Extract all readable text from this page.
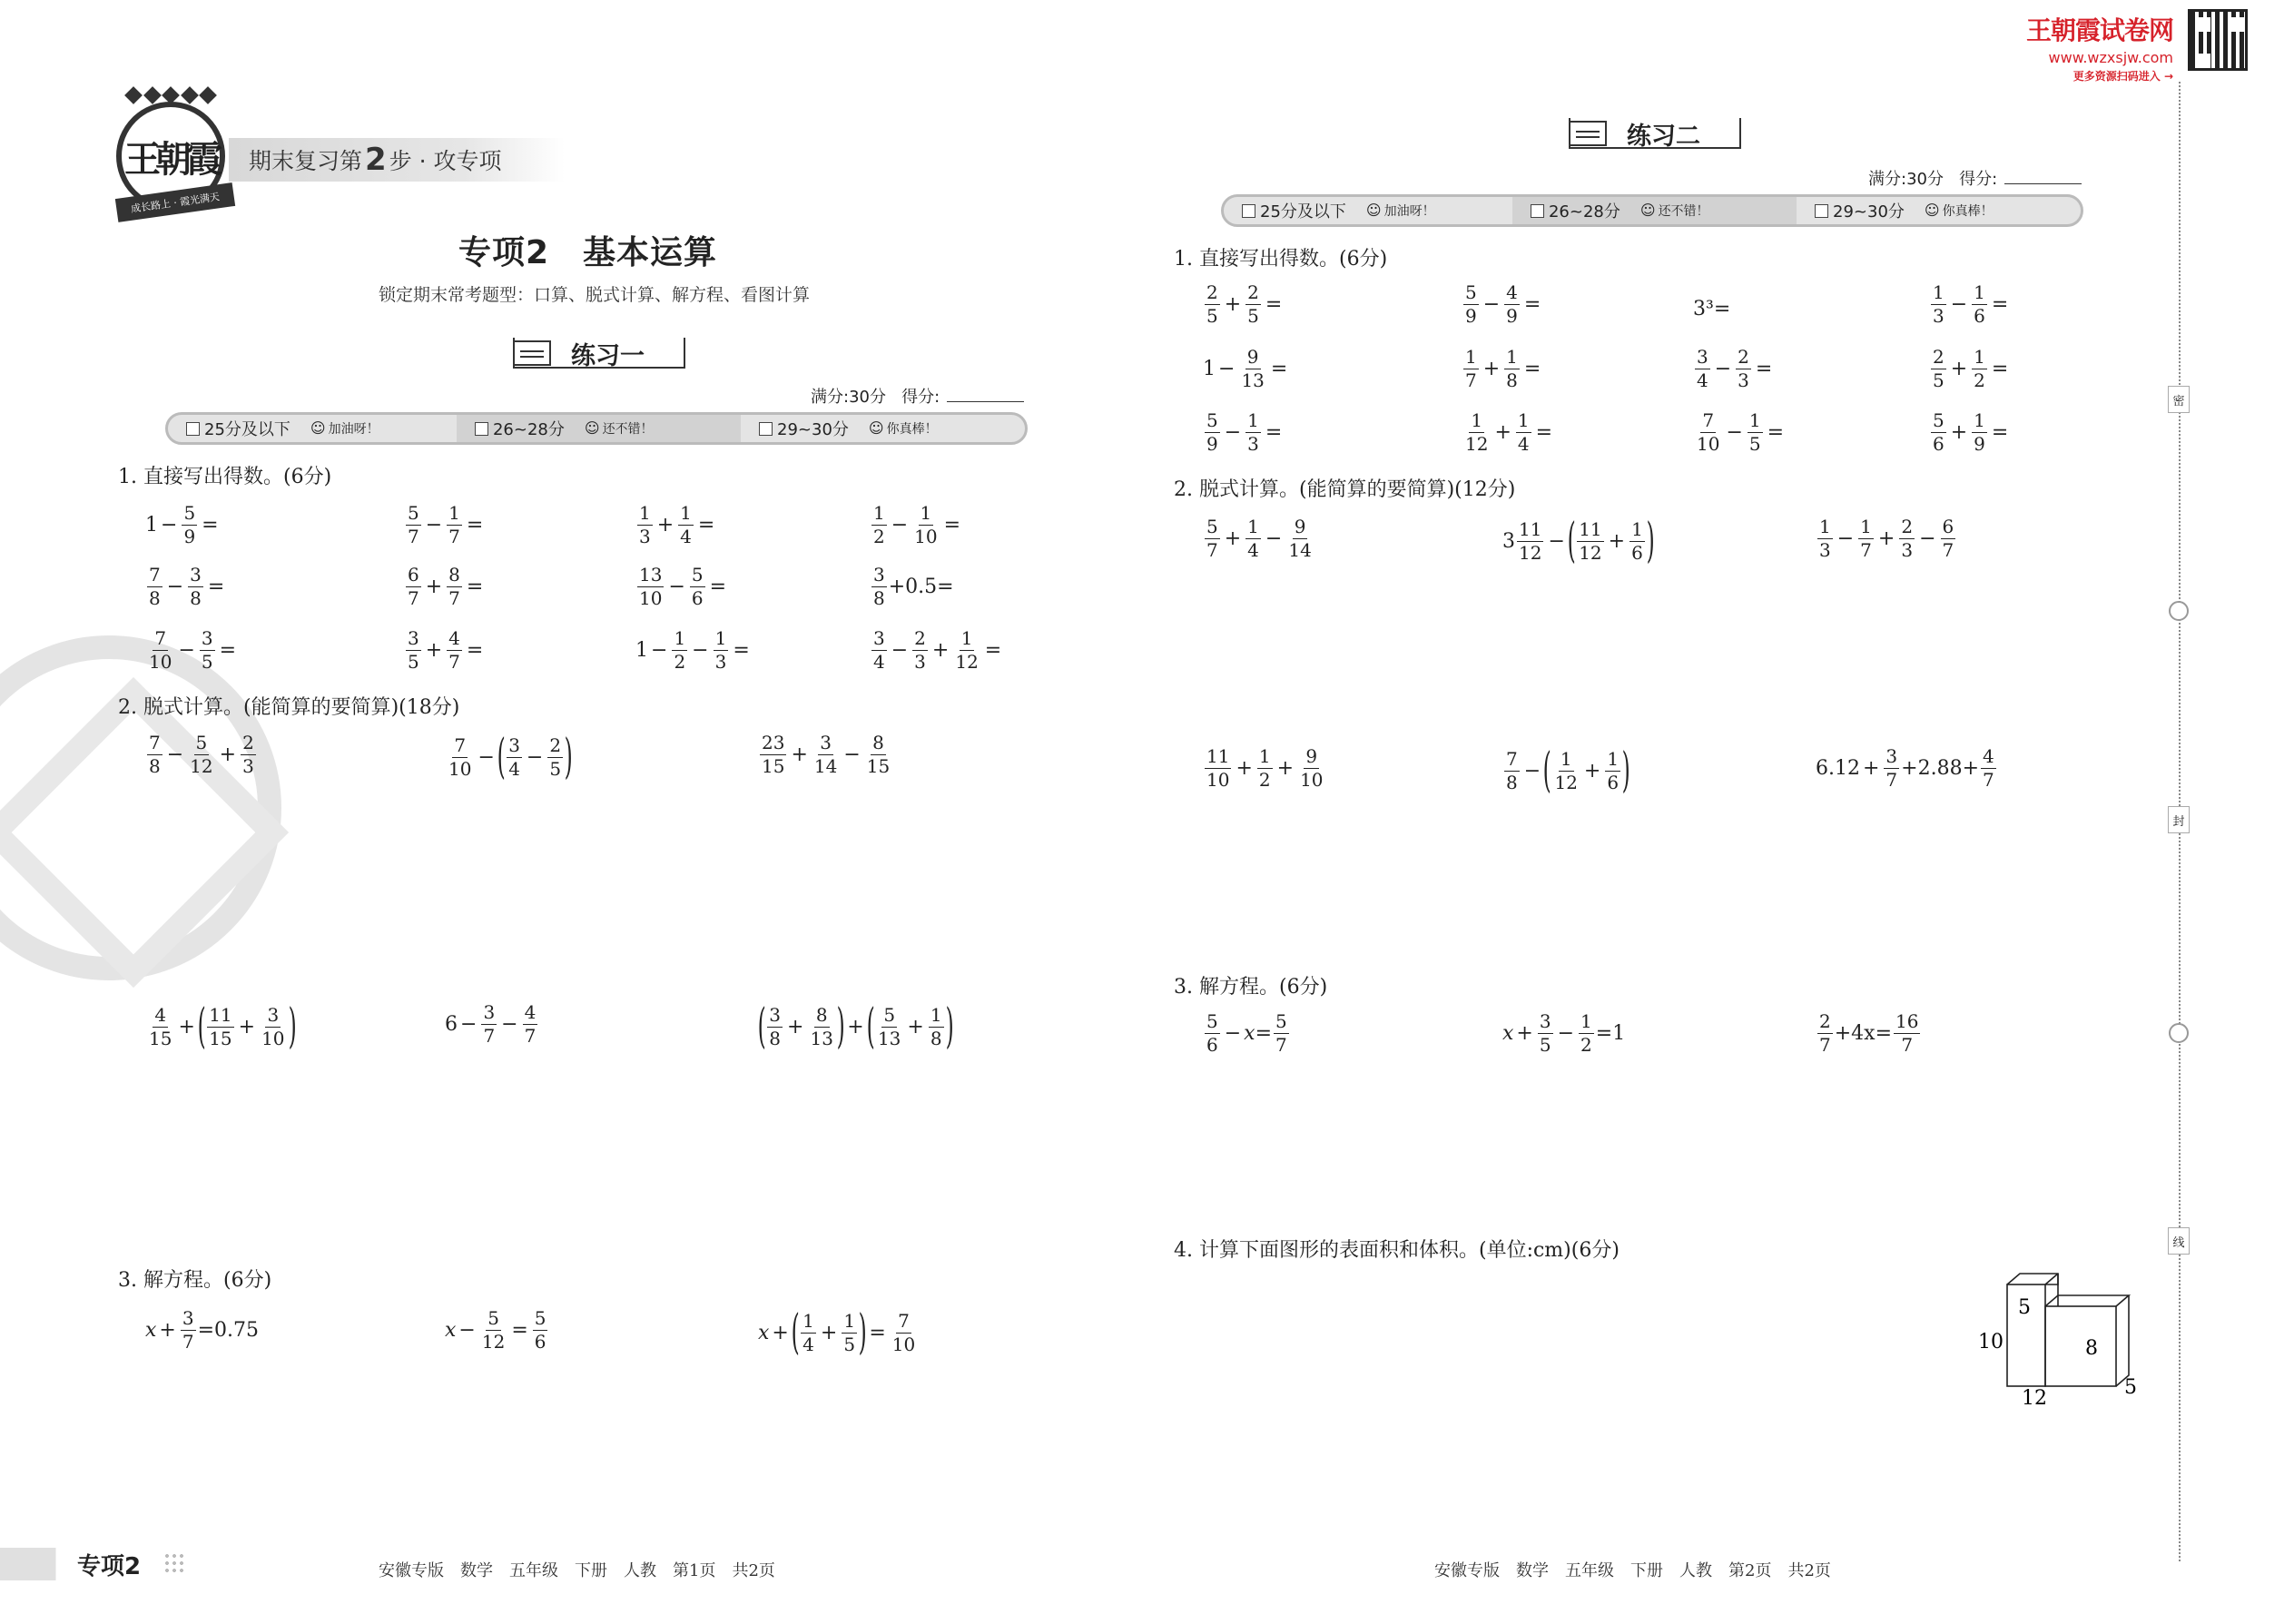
王朝霞
成长路上 · 霞光满天
期末复习第 2 步 · 攻专项
专项2　基本运算
锁定期末常考题型：口算、脱式计算、解方程、看图计算
练习一
满分:30分 得分:
25分及以下	☺ 加油呀！	26~28分	☺ 还不错！	29~30分	☺ 你真棒！
1. 直接写出得数。(6分)
$1 - \frac{5}{9}$ =	$\frac{5}{7} - \frac{1}{7}$ =	$\frac{1}{3} + \frac{1}{4}$ =	$\frac{1}{2} - \frac{1}{10}$ =
$\frac{7}{8} - \frac{3}{8}$ =	$\frac{6}{7} + \frac{8}{7}$ =	$\frac{13}{10} - \frac{5}{6}$ =	$\frac{3}{8} +0.5=$
$\frac{7}{10} - \frac{3}{5}$ =	$\frac{3}{5} + \frac{4}{7}$ =	$1 - \frac{1}{2} - \frac{1}{3}$ =	$\frac{3}{4} - \frac{2}{3} + \frac{1}{12}$ =
2. 脱式计算。(能简算的要简算)(18分)
$\frac{7}{8} - \frac{5}{12} + \frac{2}{3}$	$\frac{7}{10}$ − ( $\frac{3}{4} - \frac{2}{5}$ )	$\frac{23}{15} + \frac{3}{14} - \frac{8}{15}$
$\frac{4}{15}$ + ( $\frac{11}{15} + \frac{3}{10}$ )	$6 - \frac{3}{7} - \frac{4}{7}$	( $\frac{3}{8} + \frac{8}{13}$ ) + ( $\frac{5}{13} + \frac{1}{8}$ )
3. 解方程。(6分)
$x + \frac{3}{7} =0.75$	$x - \frac{5}{12} = \frac{5}{6}$	x + ( $\frac{1}{4} + \frac{1}{5}$ ) = $\frac{7}{10}$
专项2	安徽专版　数学　五年级　下册　人教　第1页　共2页
王朝霞试卷网
www.wzxsjw.com
更多资源扫码进入 →
练习二
满分:30分 得分:
25分及以下	☺ 加油呀！	26~28分	☺ 还不错！	29~30分	☺ 你真棒！
1. 直接写出得数。(6分)
$\frac{2}{5} + \frac{2}{5}$ =	$\frac{5}{9} - \frac{4}{9}$ =	3³=	$\frac{1}{3} - \frac{1}{6}$ =
$1 - \frac{9}{13}$ =	$\frac{1}{7} + \frac{1}{8}$ =	$\frac{3}{4} - \frac{2}{3}$ =	$\frac{2}{5} + \frac{1}{2}$ =
$\frac{5}{9} - \frac{1}{3}$ =	$\frac{1}{12} + \frac{1}{4}$ =	$\frac{7}{10} - \frac{1}{5}$ =	$\frac{5}{6} + \frac{1}{9}$ =
2. 脱式计算。(能简算的要简算)(12分)
$\frac{5}{7} + \frac{1}{4} - \frac{9}{14}$	$3 \frac{11}{12}$ − ( $\frac{11}{12} + \frac{1}{6}$ )	$\frac{1}{3} - \frac{1}{7} + \frac{2}{3} - \frac{6}{7}$
$\frac{11}{10} + \frac{1}{2} + \frac{9}{10}$	$\frac{7}{8}$ − ( $\frac{1}{12} + \frac{1}{6}$ )	$6.12 + \frac{3}{7} +2.88+ \frac{4}{7}$
3. 解方程。(6分)
$\frac{5}{6} - x= \frac{5}{7}$	$x + \frac{3}{5} - \frac{1}{2} =1$	$\frac{2}{7} +4x= \frac{16}{7}$
4. 计算下面图形的表面积和体积。(单位:cm)(6分)
5
10	8
12	5
密
封
线
安徽专版　数学　五年级　下册　人教　第2页　共2页
